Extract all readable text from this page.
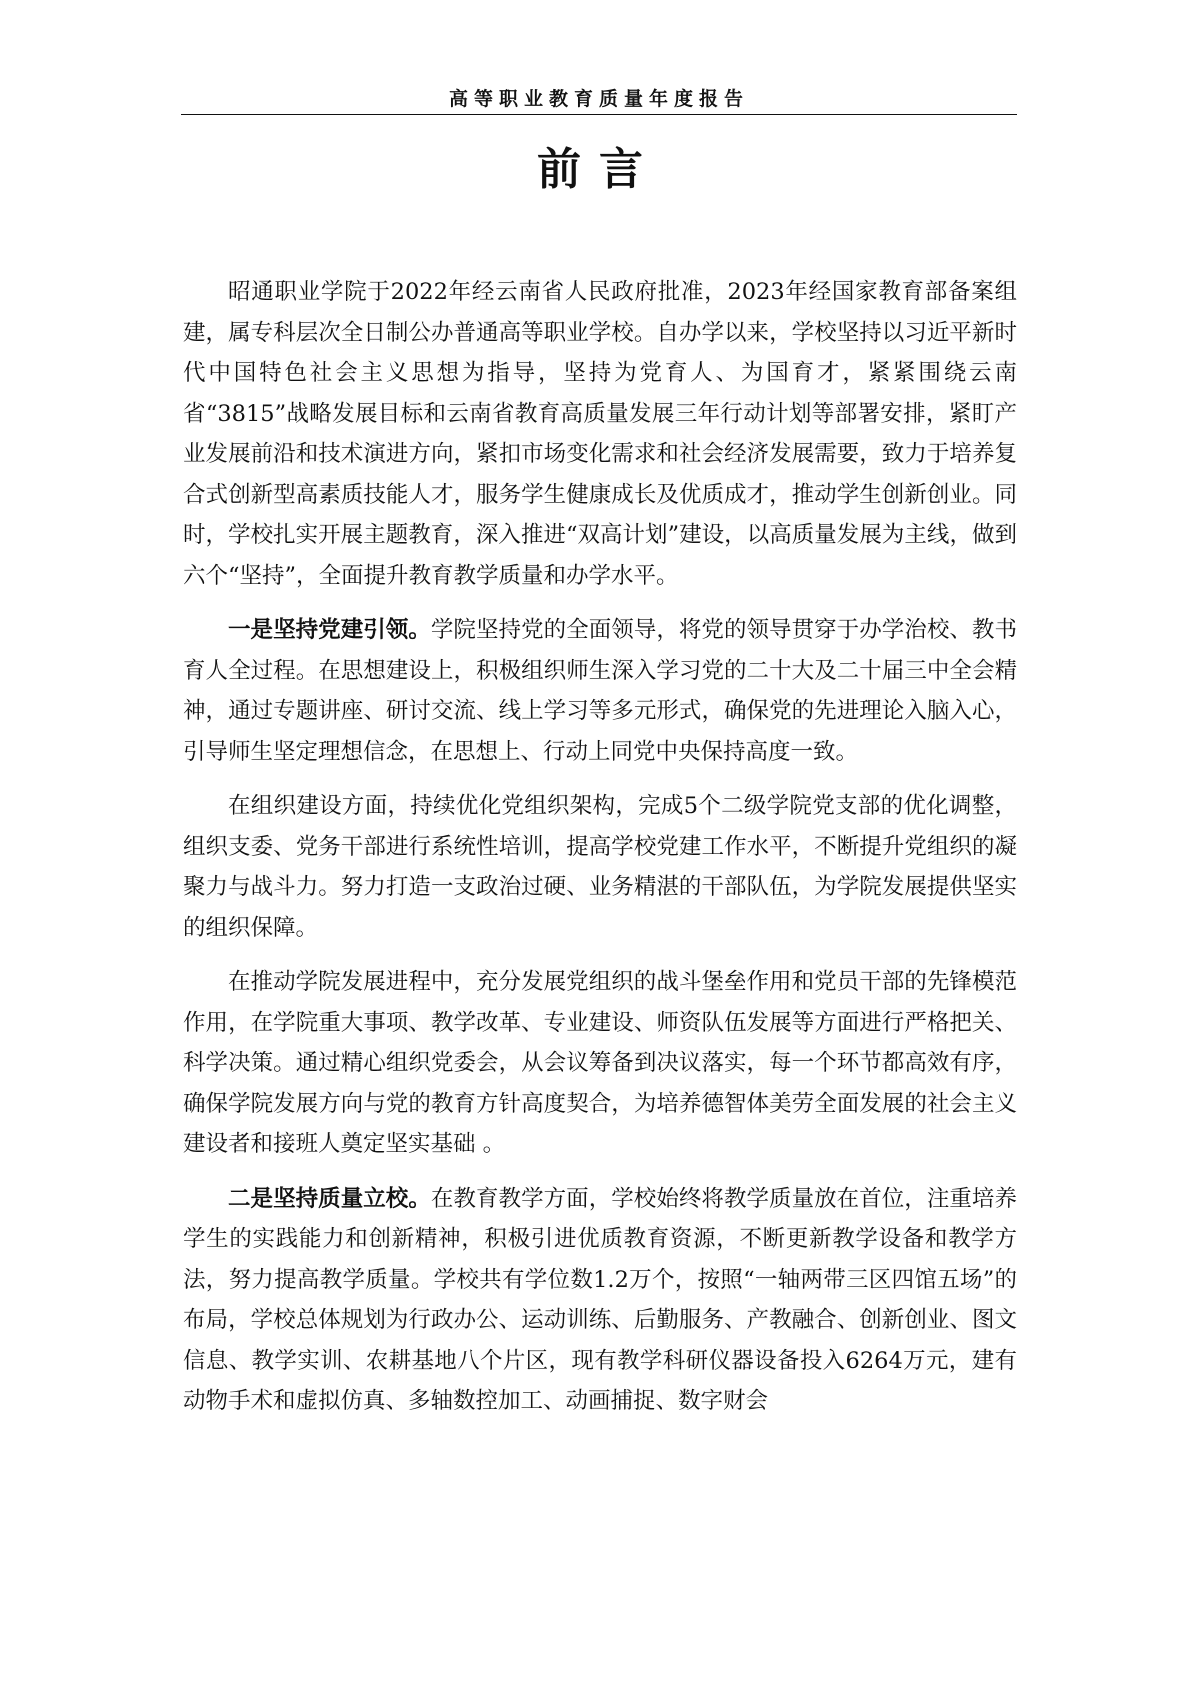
高等职业教育质量年度报告
前言

昭通职业学院于2022年经云南省人民政府批准，2023年经国家教育部备案组建，属专科层次全日制公办普通高等职业学校。自办学以来，学校坚持以习近平新时代中国特色社会主义思想为指导，坚持为党育人、为国育才，紧紧围绕云南省“3815”战略发展目标和云南省教育高质量发展三年行动计划等部署安排，紧盯产业发展前沿和技术演进方向，紧扣市场变化需求和社会经济发展需要，致力于培养复合式创新型高素质技能人才，服务学生健康成长及优质成才，推动学生创新创业。同时，学校扎实开展主题教育，深入推进“双高计划”建设，以高质量发展为主线，做到六个“坚持”，全面提升教育教学质量和办学水平。

一是坚持党建引领。学院坚持党的全面领导，将党的领导贯穿于办学治校、教书育人全过程。在思想建设上，积极组织师生深入学习党的二十大及二十届三中全会精神，通过专题讲座、研讨交流、线上学习等多元形式，确保党的先进理论入脑入心，引导师生坚定理想信念，在思想上、行动上同党中央保持高度一致。

在组织建设方面，持续优化党组织架构，完成5个二级学院党支部的优化调整，组织支委、党务干部进行系统性培训，提高学校党建工作水平，不断提升党组织的凝聚力与战斗力。努力打造一支政治过硬、业务精湛的干部队伍，为学院发展提供坚实的组织保障。

在推动学院发展进程中，充分发展党组织的战斗堡垒作用和党员干部的先锋模范作用，在学院重大事项、教学改革、专业建设、师资队伍发展等方面进行严格把关、科学决策。通过精心组织党委会，从会议筹备到决议落实，每一个环节都高效有序，确保学院发展方向与党的教育方针高度契合，为培养德智体美劳全面发展的社会主义建设者和接班人奠定坚实基础 。

二是坚持质量立校。在教育教学方面，学校始终将教学质量放在首位，注重培养学生的实践能力和创新精神，积极引进优质教育资源，不断更新教学设备和教学方法，努力提高教学质量。学校共有学位数1.2万个，按照“一轴两带三区四馆五场”的布局，学校总体规划为行政办公、运动训练、后勤服务、产教融合、创新创业、图文信息、教学实训、农耕基地八个片区，现有教学科研仪器设备投入6264万元，建有动物手术和虚拟仿真、多轴数控加工、动画捕捉、数字财会
